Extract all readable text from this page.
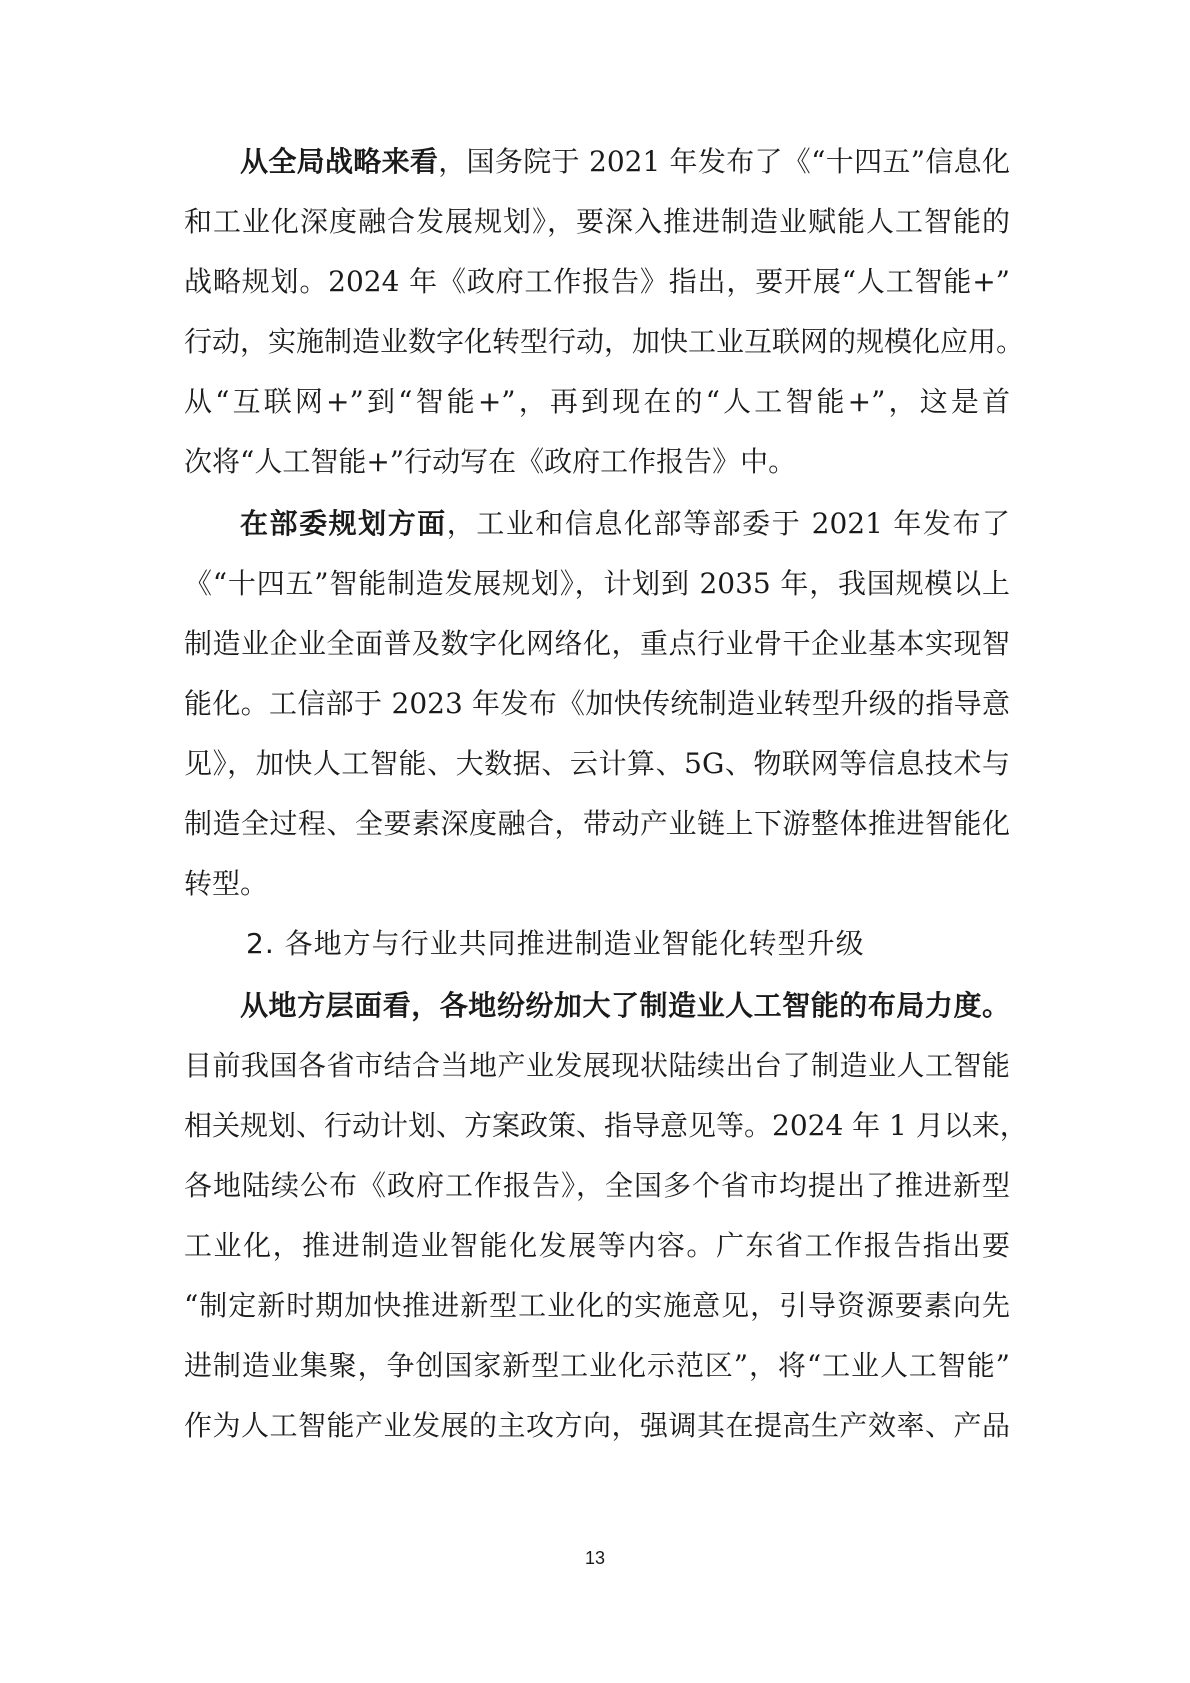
从全局战略来看，国务院于 2021 年发布了《“十四五”信息化
和工业化深度融合发展规划》，要深入推进制造业赋能人工智能的
战略规划。2024 年《政府工作报告》指出，要开展“人工智能+”
行动，实施制造业数字化转型行动，加快工业互联网的规模化应用。
从“互联网+”到“智能+”，再到现在的“人工智能+”，这是首
次将“人工智能+”行动写在《政府工作报告》中。
在部委规划方面，工业和信息化部等部委于 2021 年发布了
《“十四五”智能制造发展规划》，计划到 2035 年，我国规模以上
制造业企业全面普及数字化网络化，重点行业骨干企业基本实现智
能化。工信部于 2023 年发布《加快传统制造业转型升级的指导意
见》，加快人工智能、大数据、云计算、5G、物联网等信息技术与
制造全过程、全要素深度融合，带动产业链上下游整体推进智能化
转型。
2. 各地方与行业共同推进制造业智能化转型升级
从地方层面看，各地纷纷加大了制造业人工智能的布局力度。
目前我国各省市结合当地产业发展现状陆续出台了制造业人工智能
相关规划、行动计划、方案政策、指导意见等。2024 年 1 月以来，
各地陆续公布《政府工作报告》，全国多个省市均提出了推进新型
工业化，推进制造业智能化发展等内容。广东省工作报告指出要
“制定新时期加快推进新型工业化的实施意见，引导资源要素向先
进制造业集聚，争创国家新型工业化示范区”，将“工业人工智能”
作为人工智能产业发展的主攻方向，强调其在提高生产效率、产品
13
